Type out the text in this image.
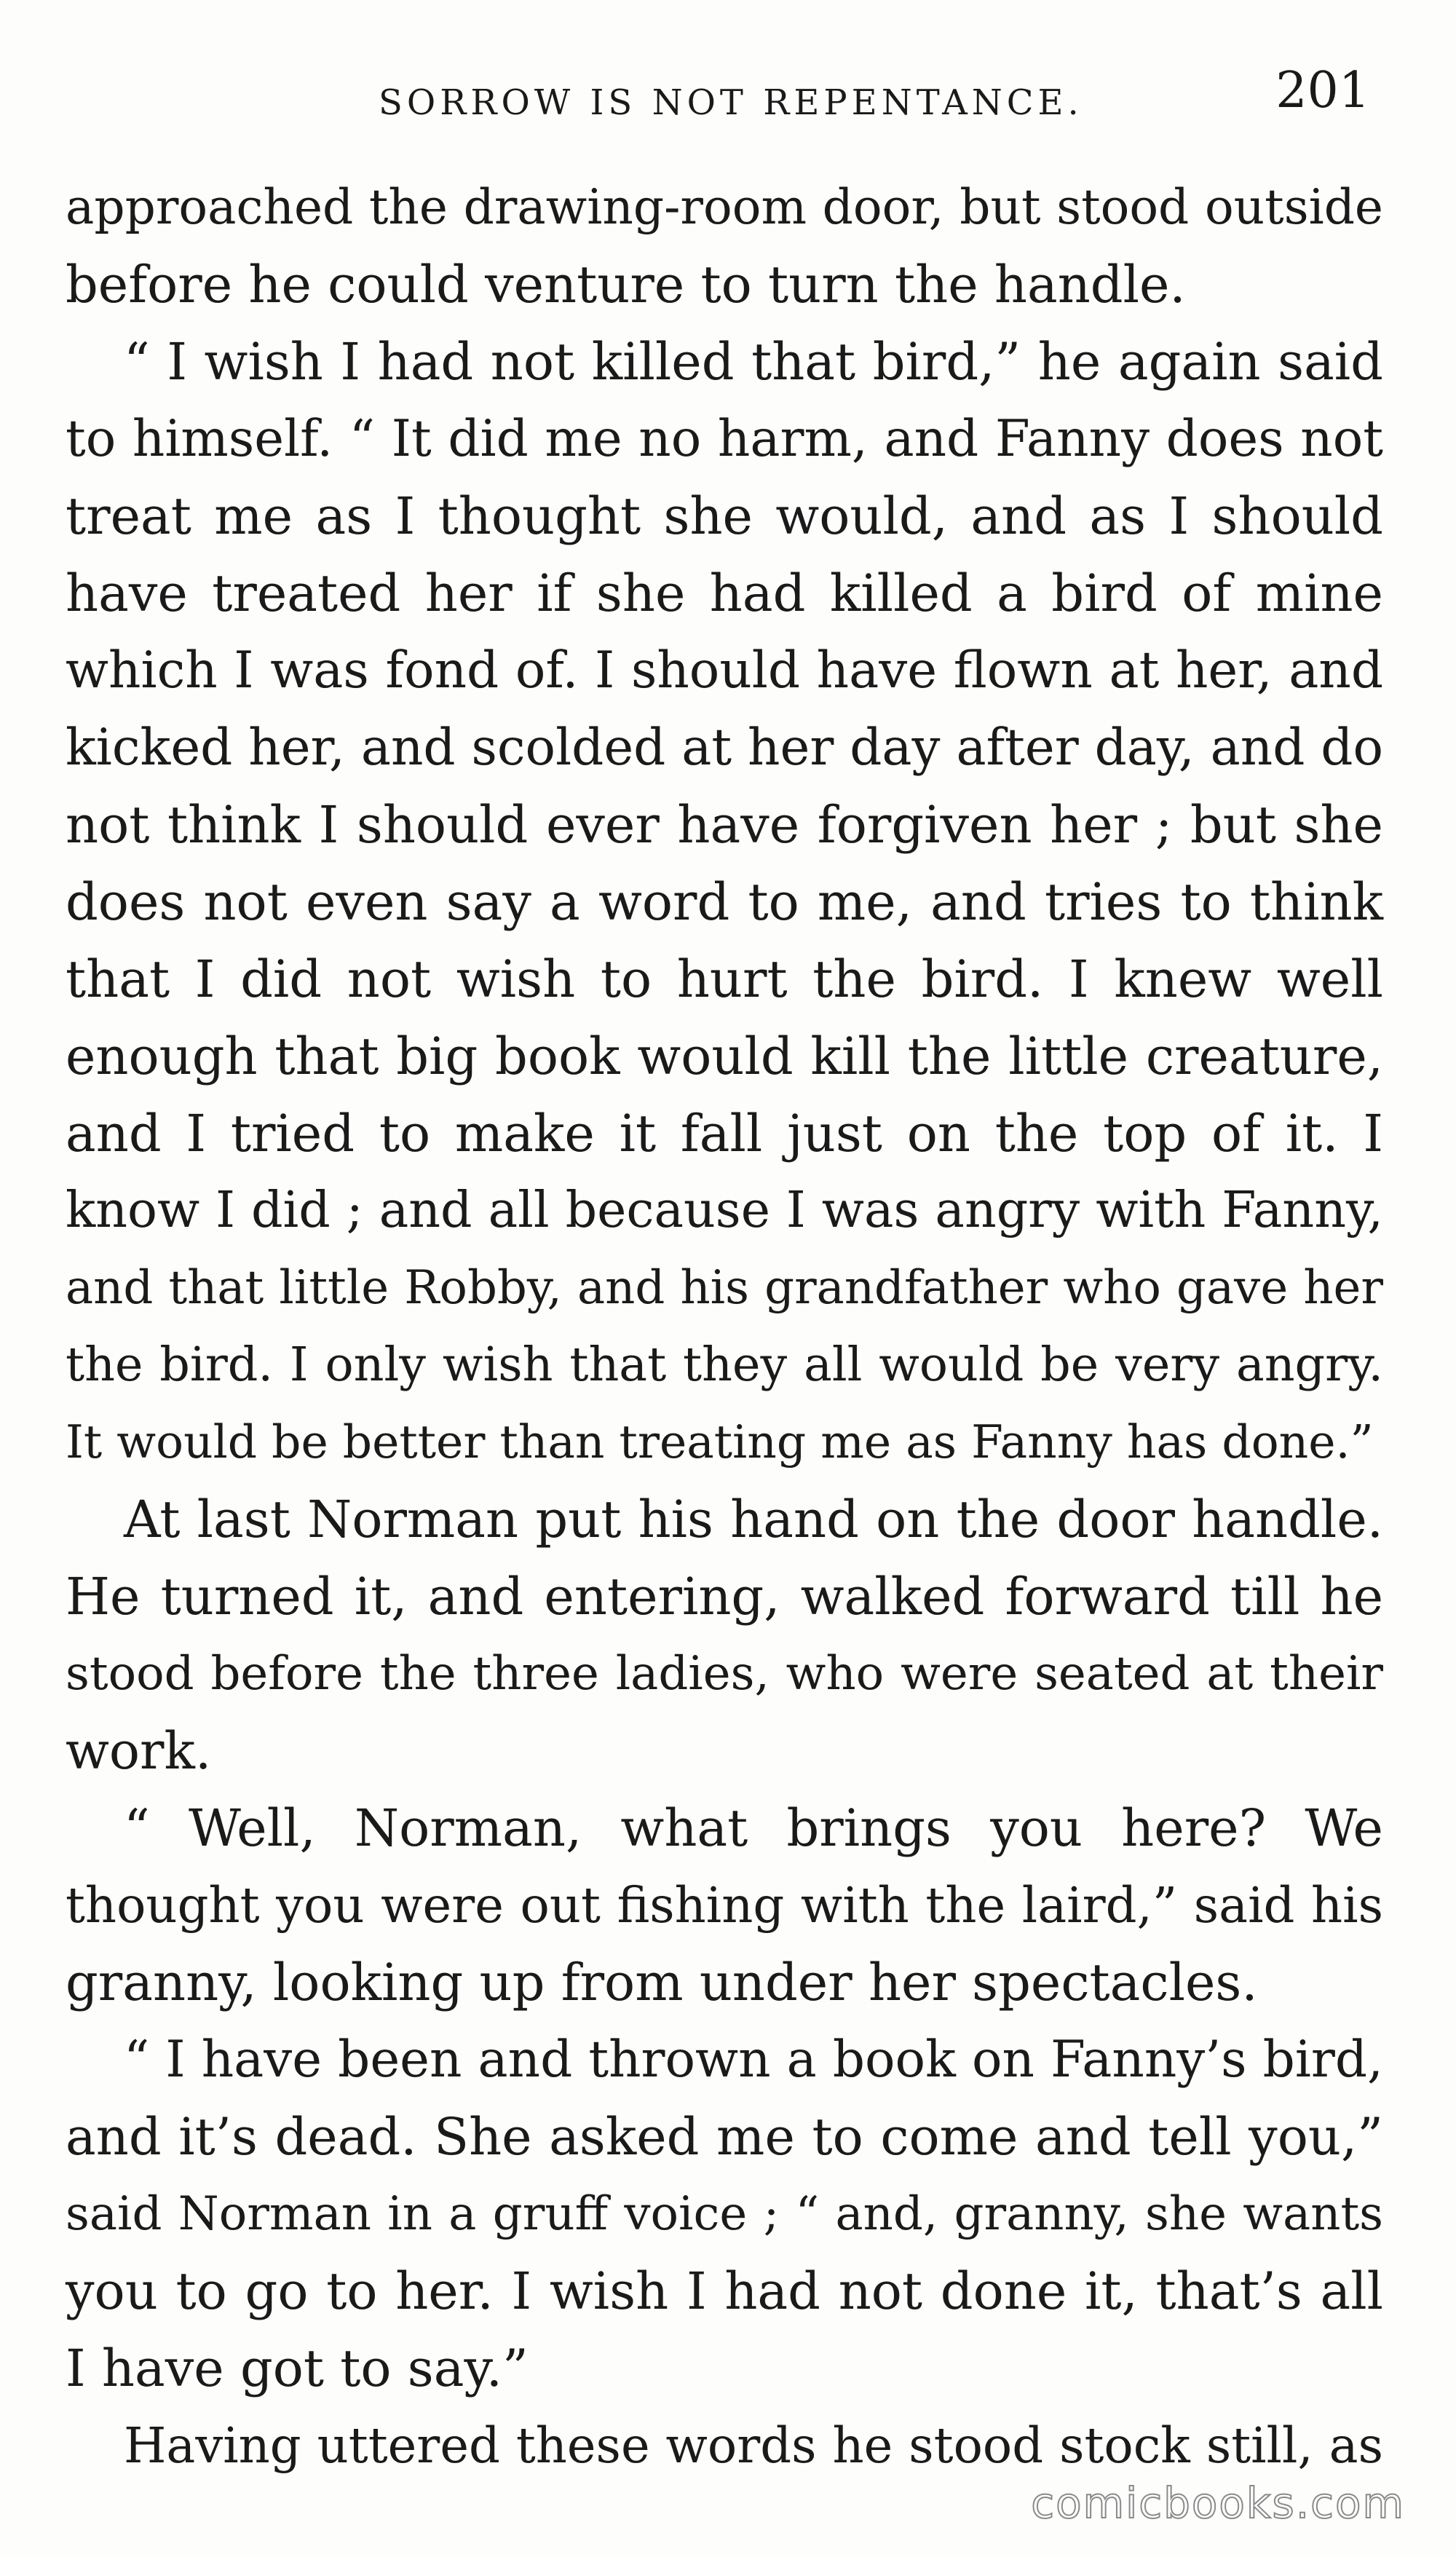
SORROW IS NOT REPENTANCE.	201
approached the drawing-room door, but stood outside
before he could venture to turn the handle.
“ I wish I had not killed that bird,” he again said
to himself. “ It did me no harm, and Fanny does not
treat me as I thought she would, and as I should
have treated her if she had killed a bird of mine
which I was fond of. I should have flown at her, and
kicked her, and scolded at her day after day, and do
not think I should ever have forgiven her ; but she
does not even say a word to me, and tries to think
that I did not wish to hurt the bird. I knew well
enough that big book would kill the little creature,
and I tried to make it fall just on the top of it. I
know I did ; and all because I was angry with Fanny,
and that little Robby, and his grandfather who gave her
the bird. I only wish that they all would be very angry.
It would be better than treating me as Fanny has done.”
At last Norman put his hand on the door handle.
He turned it, and entering, walked forward till he
stood before the three ladies, who were seated at their
work.
“ Well, Norman, what brings you here? We
thought you were out fishing with the laird,” said his
granny, looking up from under her spectacles.
“ I have been and thrown a book on Fanny’s bird,
and it’s dead. She asked me to come and tell you,”
said Norman in a gruff voice ; “ and, granny, she wants
you to go to her. I wish I had not done it, that’s all
I have got to say.”
Having uttered these words he stood stock still, as
comicbooks.com
